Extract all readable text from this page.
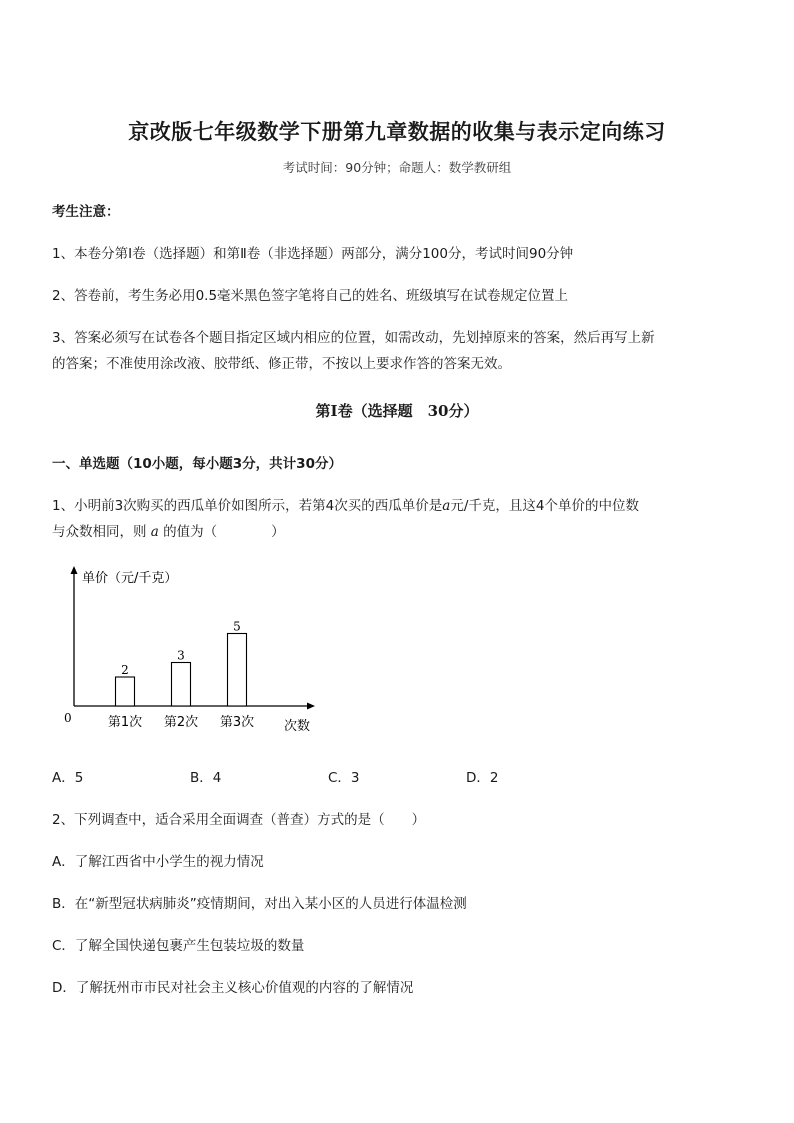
京改版七年级数学下册第九章数据的收集与表示定向练习
考试时间：90分钟；命题人：数学教研组
考生注意：
1、本卷分第Ⅰ卷（选择题）和第Ⅱ卷（非选择题）两部分，满分100分，考试时间90分钟
2、答卷前，考生务必用0.5毫米黑色签字笔将自己的姓名、班级填写在试卷规定位置上
3、答案必须写在试卷各个题目指定区域内相应的位置，如需改动，先划掉原来的答案，然后再写上新
的答案；不准使用涂改液、胶带纸、修正带，不按以上要求作答的答案无效。
第Ⅰ卷（选择题　30分）
一、单选题（10小题，每小题3分，共计30分）
1、小明前3次购买的西瓜单价如图所示，若第4次买的西瓜单价是a元/千克，且这4个单价的中位数
与众数相同，则 a 的值为（　　　　）
单价（元/千克）
0
次数
2
第1次
3
第2次
5
第3次
A．5	B．4	C．3	D．2
2、下列调查中，适合采用全面调查（普查）方式的是（　　）
A．了解江西省中小学生的视力情况
B．在“新型冠状病肺炎”疫情期间，对出入某小区的人员进行体温检测
C．了解全国快递包裹产生包装垃圾的数量
D．了解抚州市市民对社会主义核心价值观的内容的了解情况
